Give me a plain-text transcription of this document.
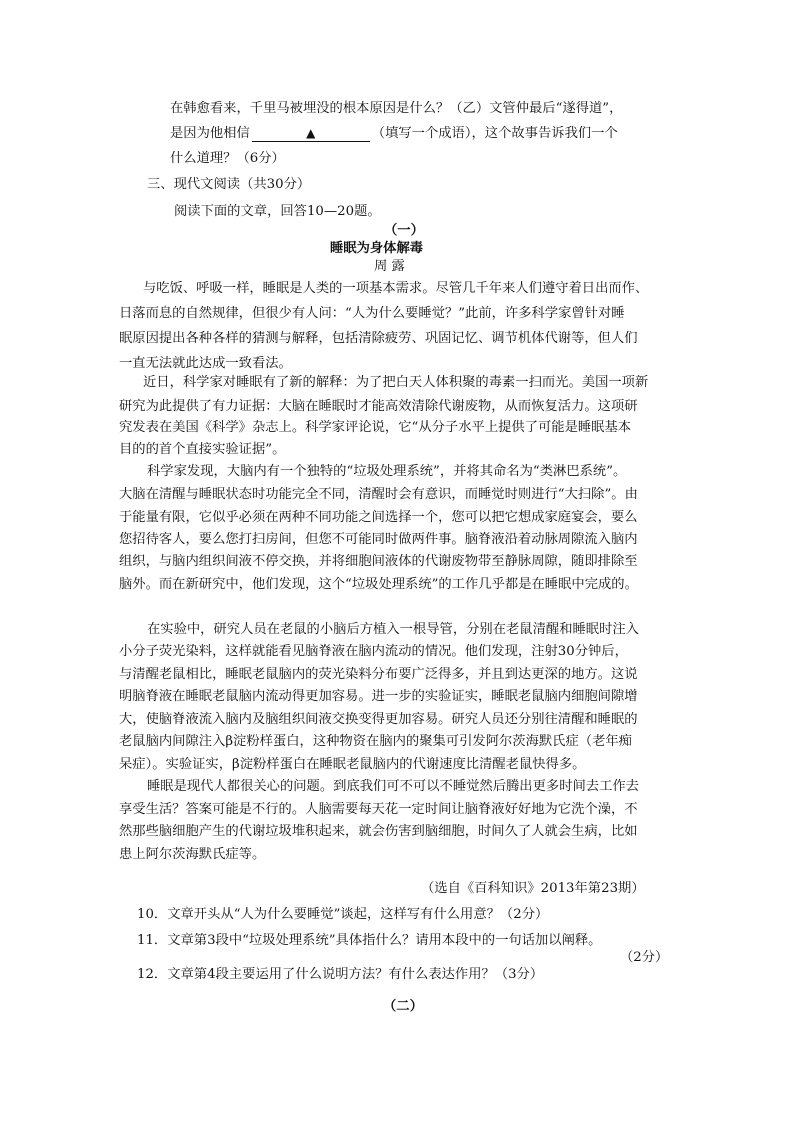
在韩愈看来，千里马被埋没的根本原因是什么？（乙）文管仲最后“遂得道”，
是因为他相信	▲	（填写一个成语），这个故事告诉我们一个
什么道理？（6分）
三、现代文阅读（共30分）
阅读下面的文章，回答10—20题。
（一）
睡眠为身体解毒
周 露
与吃饭、呼吸一样，睡眠是人类的一项基本需求。尽管几千年来人们遵守着日出而作、
日落而息的自然规律，但很少有人问：“人为什么要睡觉？”此前，许多科学家曾针对睡
眠原因提出各种各样的猜测与解释，包括清除疲劳、巩固记忆、调节机体代谢等，但人们
一直无法就此达成一致看法。
近日，科学家对睡眠有了新的解释：为了把白天人体积聚的毒素一扫而光。美国一项新
研究为此提供了有力证据：大脑在睡眠时才能高效清除代谢废物，从而恢复活力。这项研
究发表在美国《科学》杂志上。科学家评论说，它“从分子水平上提供了可能是睡眠基本
目的的首个直接实验证据”。
科学家发现，大脑内有一个独特的“垃圾处理系统”，并将其命名为“类淋巴系统”。
大脑在清醒与睡眠状态时功能完全不同，清醒时会有意识，而睡觉时则进行“大扫除”。由
于能量有限，它似乎必须在两种不同功能之间选择一个，您可以把它想成家庭宴会，要么
您招待客人，要么您打扫房间，但您不可能同时做两件事。脑脊液沿着动脉周隙流入脑内
组织，与脑内组织间液不停交换，并将细胞间液体的代谢废物带至静脉周隙，随即排除至
脑外。而在新研究中，他们发现，这个“垃圾处理系统”的工作几乎都是在睡眠中完成的。
在实验中，研究人员在老鼠的小脑后方植入一根导管，分别在老鼠清醒和睡眠时注入
小分子荧光染料，这样就能看见脑脊液在脑内流动的情况。他们发现，注射30分钟后，
与清醒老鼠相比，睡眠老鼠脑内的荧光染料分布要广泛得多，并且到达更深的地方。这说
明脑脊液在睡眠老鼠脑内流动得更加容易。进一步的实验证实，睡眠老鼠脑内细胞间隙增
大，使脑脊液流入脑内及脑组织间液交换变得更加容易。研究人员还分别往清醒和睡眠的
老鼠脑内间隙注入β淀粉样蛋白，这种物资在脑内的聚集可引发阿尔茨海默氏症（老年痴
呆症）。实验证实，β淀粉样蛋白在睡眠老鼠脑内的代谢速度比清醒老鼠快得多。
睡眠是现代人都很关心的问题。到底我们可不可以不睡觉然后腾出更多时间去工作去
享受生活？答案可能是不行的。人脑需要每天花一定时间让脑脊液好好地为它洗个澡，不
然那些脑细胞产生的代谢垃圾堆积起来，就会伤害到脑细胞，时间久了人就会生病，比如
患上阿尔茨海默氏症等。
（选自《百科知识》2013年第23期）
10．文章开头从“人为什么要睡觉”谈起，这样写有什么用意？（2分）
11．文章第3段中“垃圾处理系统”具体指什么？请用本段中的一句话加以阐释。
（2分）
12．文章第4段主要运用了什么说明方法？有什么表达作用？（3分）
（二）
